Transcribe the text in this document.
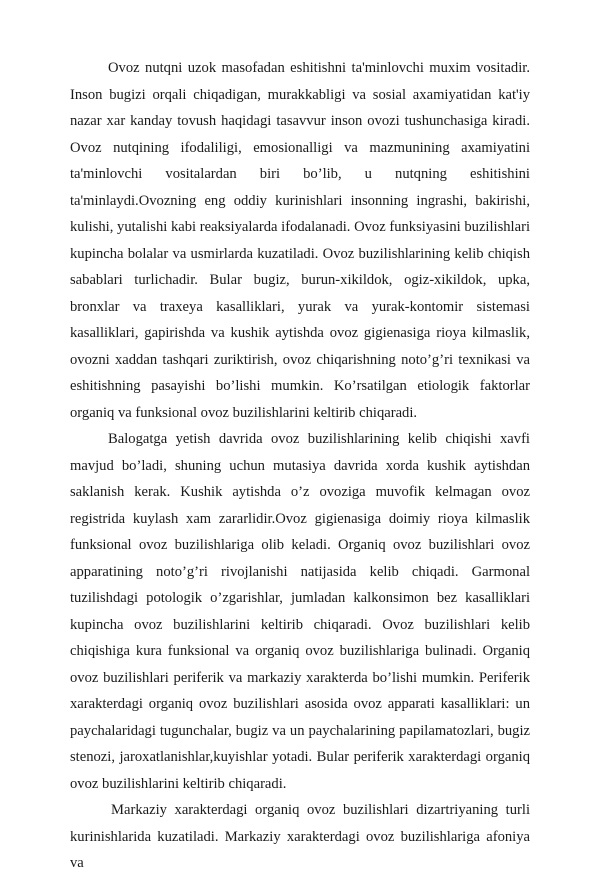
Ovoz nutqni uzok masofadan eshitishni ta'minlovchi muxim vositadir. Inson bugizi orqali chiqadigan, murakkabligi va sosial axamiyatidan kat'iy nazar xar kanday tovush haqidagi tasavvur inson ovozi tushunchasiga kiradi. Ovoz nutqining ifodaliligi, emosionalligi va mazmunining axamiyatini ta'minlovchi vositalardan biri bo’lib, u nutqning eshitishini ta'minlaydi.Ovozning eng oddiy kurinishlari insonning ingrashi, bakirishi, kulishi, yutalishi kabi reaksiyalarda ifodalanadi. Ovoz funksiyasini buzilishlari kupincha bolalar va usmirlarda kuzatiladi. Ovoz buzilishlarining kelib chiqish sabablari turlichadir. Bular bugiz, burun-xikildok, ogiz-xikildok, upka, bronxlar va traxeya kasalliklari, yurak va yurak-kontomir sistemasi kasalliklari, gapirishda va kushik aytishda ovoz gigienasiga rioya kilmaslik, ovozni xaddan tashqari zuriktirish, ovoz chiqarishning noto’g’ri texnikasi va eshitishning pasayishi bo’lishi mumkin. Ko’rsatilgan etiologik faktorlar organiq va funksional ovoz buzilishlarini keltirib chiqaradi.

Balogatga yetish davrida ovoz buzilishlarining kelib chiqishi xavfi mavjud bo’ladi, shuning uchun mutasiya davrida xorda kushik aytishdan saklanish kerak. Kushik aytishda o’z ovoziga muvofik kelmagan ovoz registrida kuylash xam zararlidir.Ovoz gigienasiga doimiy rioya kilmaslik funksional ovoz buzilishlariga olib keladi. Organiq ovoz buzilishlari ovoz apparatining noto’g’ri rivojlanishi natijasida kelib chiqadi. Garmonal tuzilishdagi potologik o’zgarishlar, jumladan kalkonsimon bez kasalliklari kupincha ovoz buzilishlarini keltirib chiqaradi. Ovoz buzilishlari kelib chiqishiga kura funksional va organiq ovoz buzilishlariga bulinadi. Organiq ovoz buzilishlari periferik va markaziy xarakterda bo’lishi mumkin. Periferik xarakterdagi organiq ovoz buzilishlari asosida ovoz apparati kasalliklari: un paychalaridagi tugunchalar, bugiz va un paychalarining papilamatozlari, bugiz stenozi, jaroxatlanishlar,kuyishlar yotadi. Bular periferik xarakterdagi organiq ovoz buzilishlarini keltirib chiqaradi.

Markaziy xarakterdagi organiq ovoz buzilishlari dizartriyaning turli kurinishlarida kuzatiladi. Markaziy xarakterdagi ovoz buzilishlariga afoniya va
